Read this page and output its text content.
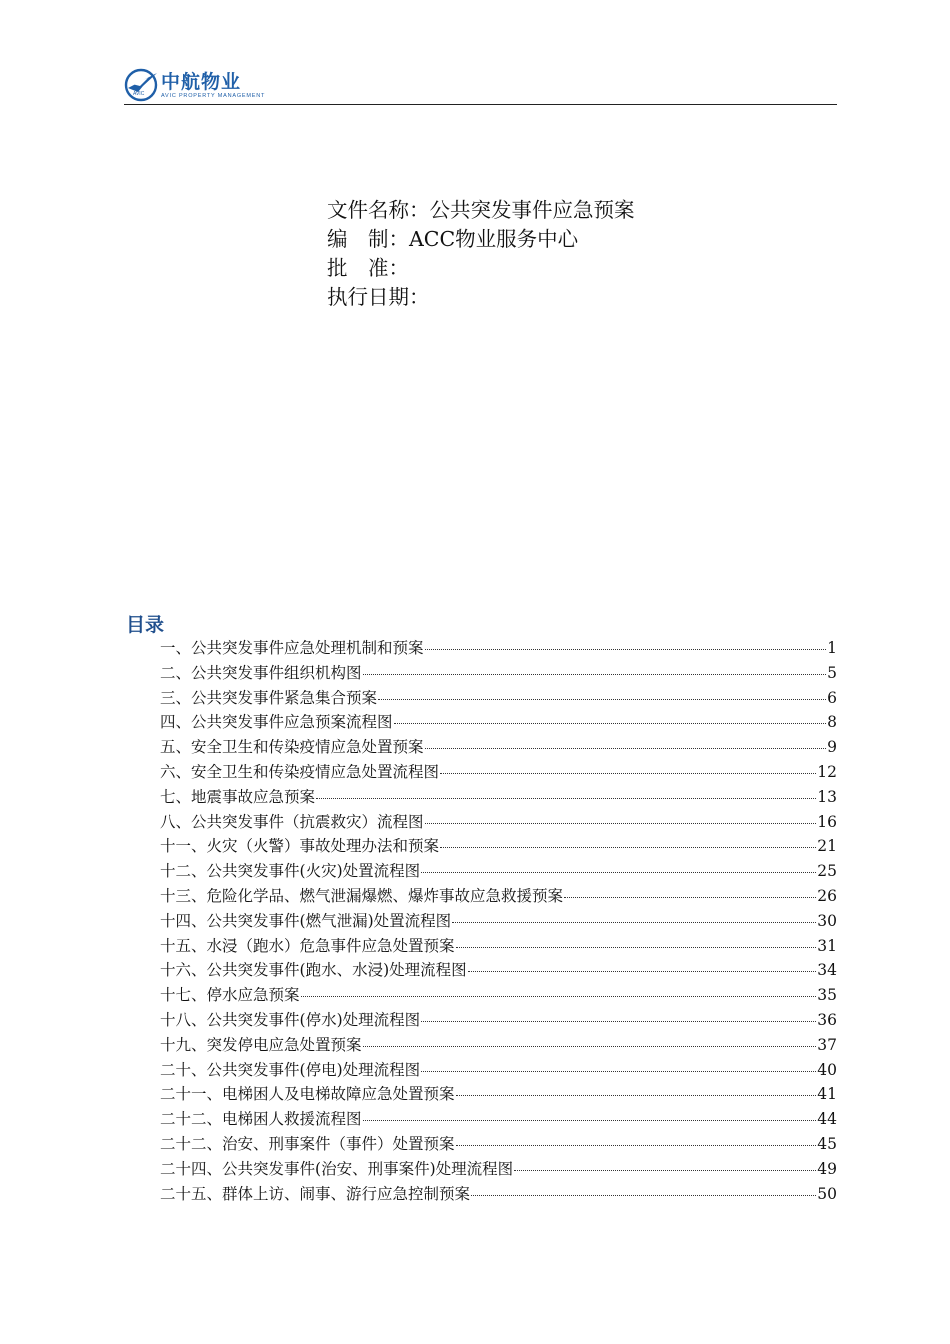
AVIC
中航物业
AVIC PROPERTY MANAGEMENT
文件名称：公共突发事件应急预案
编　制：ACC物业服务中心
批　准：
执行日期：
目录
一、 公共突发事件应急处理机制和预案	1
二、 公共突发事件组织机构图	5
三、 公共突发事件紧急集合预案	6
四、 公共突发事件应急预案流程图	8
五、 安全卫生和传染疫情应急处置预案	9
六、 安全卫生和传染疫情应急处置流程图	12
七、 地震事故应急预案	13
八、 公共突发事件（抗震救灾）流程图	16
十一、 火灾（火警）事故处理办法和预案	21
十二、 公共突发事件(火灾)处置流程图	25
十三、 危险化学品、燃气泄漏爆燃、爆炸事故应急救援预案	26
十四、 公共突发事件(燃气泄漏)处置流程图	30
十五、 水浸（跑水）危急事件应急处置预案	31
十六、 公共突发事件(跑水、水浸)处理流程图	34
十七、 停水应急预案	35
十八、 公共突发事件(停水)处理流程图	36
十九、 突发停电应急处置预案	37
二十、 公共突发事件(停电)处理流程图	40
二十一、 电梯困人及电梯故障应急处置预案	41
二十二、 电梯困人救援流程图	44
二十二、 治安、刑事案件（事件）处置预案	45
二十四、 公共突发事件(治安、刑事案件)处理流程图	49
二十五、 群体上访、闹事、游行应急控制预案	50
